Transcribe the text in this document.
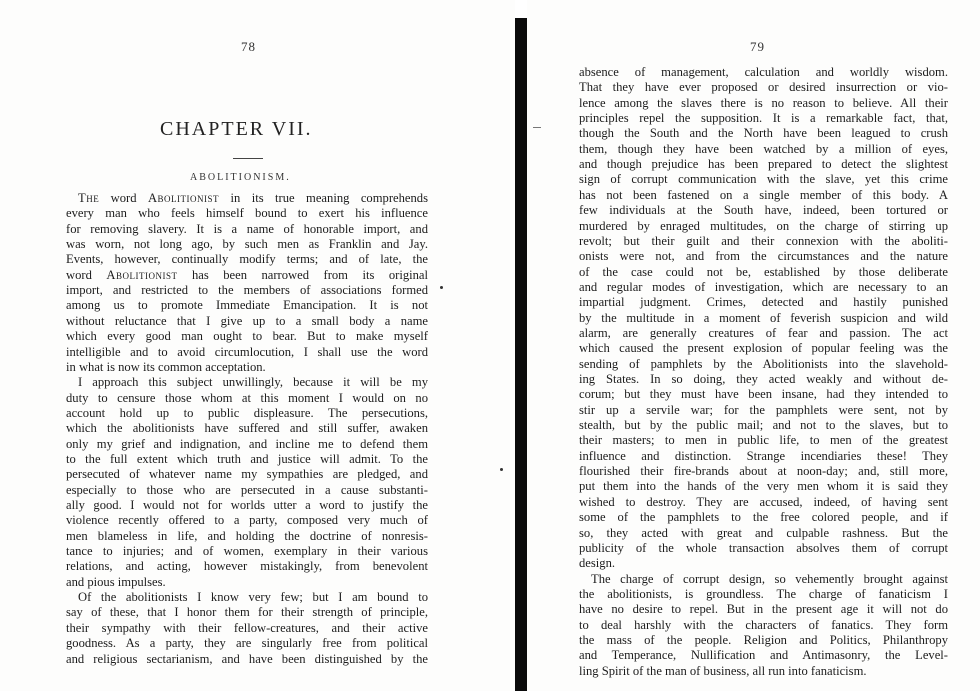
78
CHAPTER VII.
ABOLITIONISM.
The word Abolitionist in its true meaning comprehends
every man who feels himself bound to exert his influence
for removing slavery. It is a name of honorable import, and
was worn, not long ago, by such men as Franklin and Jay.
Events, however, continually modify terms; and of late, the
word Abolitionist has been narrowed from its original
import, and restricted to the members of associations formed
among us to promote Immediate Emancipation. It is not
without reluctance that I give up to a small body a name
which every good man ought to bear. But to make myself
intelligible and to avoid circumlocution, I shall use the word
in what is now its common acceptation.
I approach this subject unwillingly, because it will be my
duty to censure those whom at this moment I would on no
account hold up to public displeasure. The persecutions,
which the abolitionists have suffered and still suffer, awaken
only my grief and indignation, and incline me to defend them
to the full extent which truth and justice will admit. To the
persecuted of whatever name my sympathies are pledged, and
especially to those who are persecuted in a cause substanti-
ally good. I would not for worlds utter a word to justify the
violence recently offered to a party, composed very much of
men blameless in life, and holding the doctrine of nonresis-
tance to injuries; and of women, exemplary in their various
relations, and acting, however mistakingly, from benevolent
and pious impulses.
Of the abolitionists I know very few; but I am bound to
say of these, that I honor them for their strength of principle,
their sympathy with their fellow-creatures, and their active
goodness. As a party, they are singularly free from political
and religious sectarianism, and have been distinguished by the
79
absence of management, calculation and worldly wisdom.
That they have ever proposed or desired insurrection or vio-
lence among the slaves there is no reason to believe. All their
principles repel the supposition. It is a remarkable fact, that,
though the South and the North have been leagued to crush
them, though they have been watched by a million of eyes,
and though prejudice has been prepared to detect the slightest
sign of corrupt communication with the slave, yet this crime
has not been fastened on a single member of this body. A
few individuals at the South have, indeed, been tortured or
murdered by enraged multitudes, on the charge of stirring up
revolt; but their guilt and their connexion with the aboliti-
onists were not, and from the circumstances and the nature
of the case could not be, established by those deliberate
and regular modes of investigation, which are necessary to an
impartial judgment. Crimes, detected and hastily punished
by the multitude in a moment of feverish suspicion and wild
alarm, are generally creatures of fear and passion. The act
which caused the present explosion of popular feeling was the
sending of pamphlets by the Abolitionists into the slavehold-
ing States. In so doing, they acted weakly and without de-
corum; but they must have been insane, had they intended to
stir up a servile war; for the pamphlets were sent, not by
stealth, but by the public mail; and not to the slaves, but to
their masters; to men in public life, to men of the greatest
influence and distinction. Strange incendiaries these! They
flourished their fire-brands about at noon-day; and, still more,
put them into the hands of the very men whom it is said they
wished to destroy. They are accused, indeed, of having sent
some of the pamphlets to the free colored people, and if
so, they acted with great and culpable rashness. But the
publicity of the whole transaction absolves them of corrupt
design.
The charge of corrupt design, so vehemently brought against
the abolitionists, is groundless. The charge of fanaticism I
have no desire to repel. But in the present age it will not do
to deal harshly with the characters of fanatics. They form
the mass of the people. Religion and Politics, Philanthropy
and Temperance, Nullification and Antimasonry, the Level-
ling Spirit of the man of business, all run into fanaticism.
